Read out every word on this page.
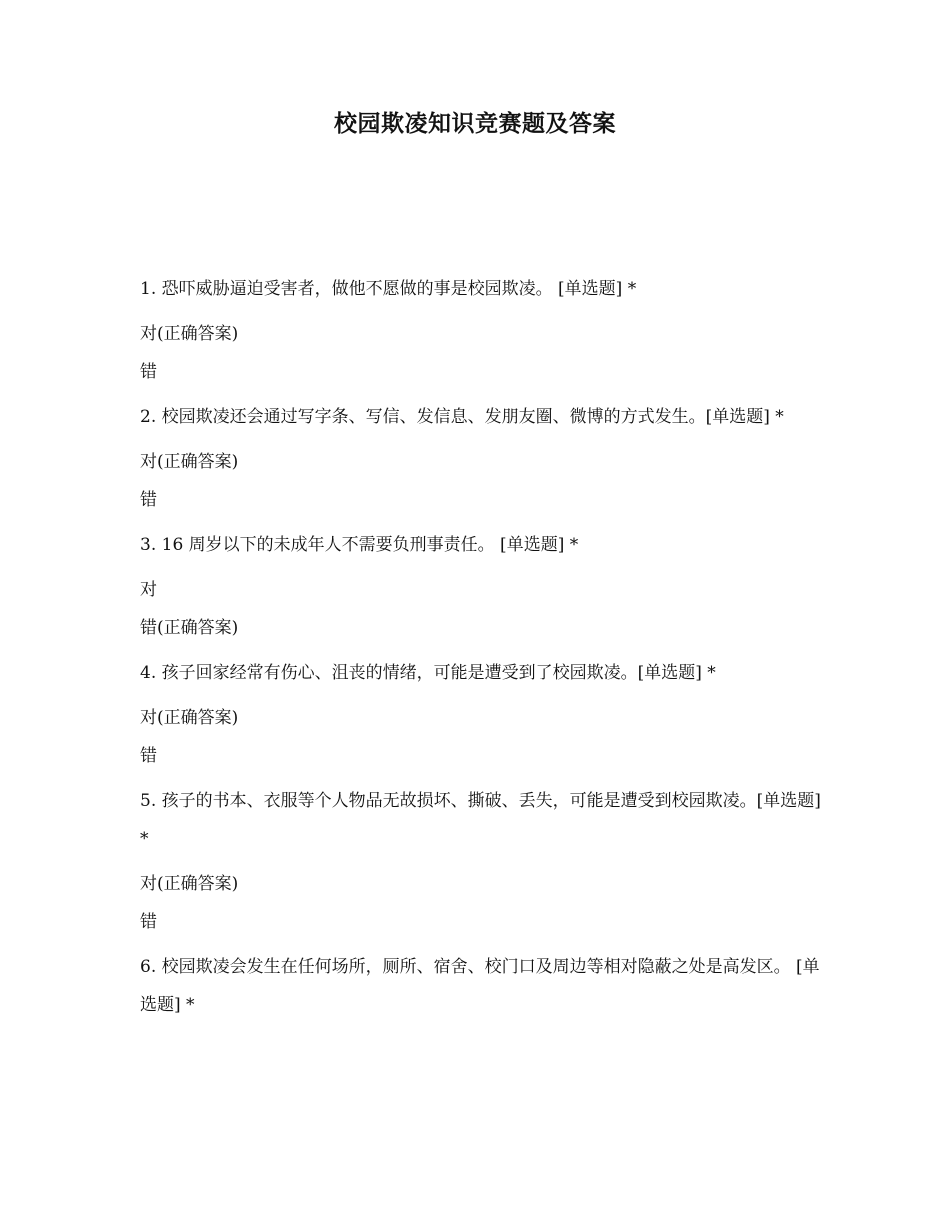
校园欺凌知识竞赛题及答案
1. 恐吓威胁逼迫受害者，做他不愿做的事是校园欺凌。 [单选题] *
对(正确答案)
错
2. 校园欺凌还会通过写字条、写信、发信息、发朋友圈、微博的方式发生。[单选题] *
对(正确答案)
错
3. 16 周岁以下的未成年人不需要负刑事责任。 [单选题] *
对
错(正确答案)
4. 孩子回家经常有伤心、沮丧的情绪，可能是遭受到了校园欺凌。[单选题] *
对(正确答案)
错
5. 孩子的书本、衣服等个人物品无故损坏、撕破、丢失，可能是遭受到校园欺凌。[单选题] *
对(正确答案)
错
6. 校园欺凌会发生在任何场所，厕所、宿舍、校门口及周边等相对隐蔽之处是高发区。 [单选题] *
